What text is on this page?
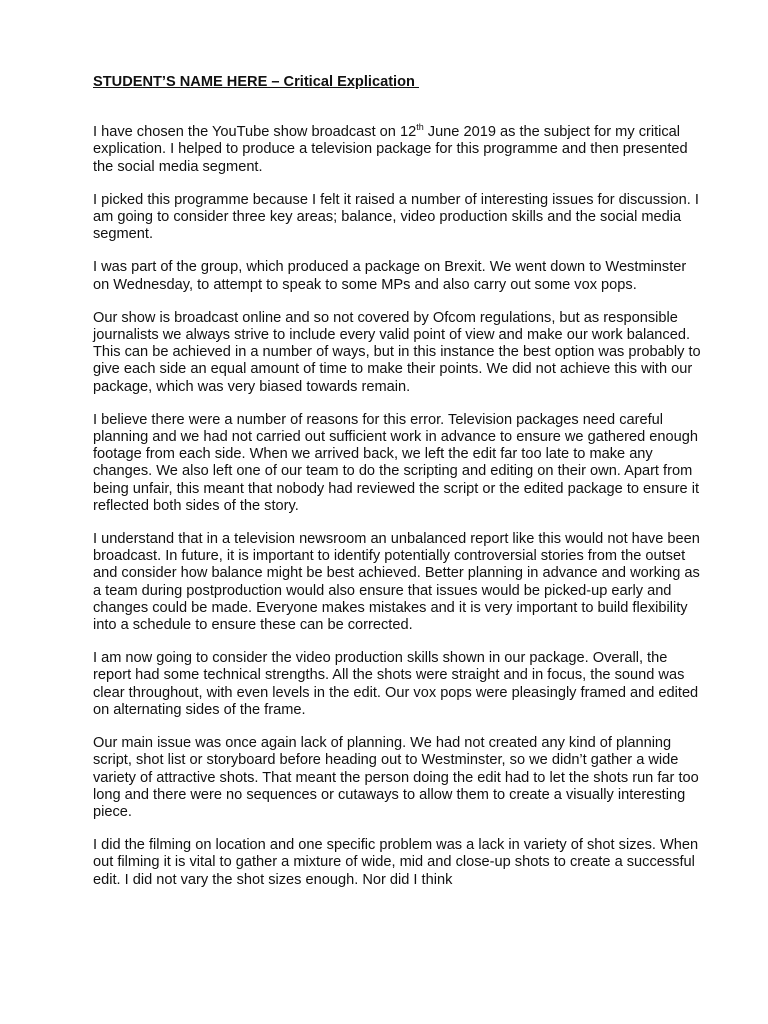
STUDENT’S NAME HERE – Critical Explication

I have chosen the YouTube show broadcast on 12th June 2019 as the subject for my critical explication. I helped to produce a television package for this programme and then presented the social media segment.

I picked this programme because I felt it raised a number of interesting issues for discussion. I am going to consider three key areas; balance, video production skills and the social media segment.

I was part of the group, which produced a package on Brexit. We went down to Westminster on Wednesday, to attempt to speak to some MPs and also carry out some vox pops.

Our show is broadcast online and so not covered by Ofcom regulations, but as responsible journalists we always strive to include every valid point of view and make our work balanced. This can be achieved in a number of ways, but in this instance the best option was probably to give each side an equal amount of time to make their points. We did not achieve this with our package, which was very biased towards remain.

I believe there were a number of reasons for this error. Television packages need careful planning and we had not carried out sufficient work in advance to ensure we gathered enough footage from each side. When we arrived back, we left the edit far too late to make any changes. We also left one of our team to do the scripting and editing on their own. Apart from being unfair, this meant that nobody had reviewed the script or the edited package to ensure it reflected both sides of the story.

I understand that in a television newsroom an unbalanced report like this would not have been broadcast. In future, it is important to identify potentially controversial stories from the outset and consider how balance might be best achieved. Better planning in advance and working as a team during postproduction would also ensure that issues would be picked-up early and changes could be made. Everyone makes mistakes and it is very important to build flexibility into a schedule to ensure these can be corrected.

I am now going to consider the video production skills shown in our package. Overall, the report had some technical strengths. All the shots were straight and in focus, the sound was clear throughout, with even levels in the edit. Our vox pops were pleasingly framed and edited on alternating sides of the frame.

Our main issue was once again lack of planning. We had not created any kind of planning script, shot list or storyboard before heading out to Westminster, so we didn’t gather a wide variety of attractive shots. That meant the person doing the edit had to let the shots run far too long and there were no sequences or cutaways to allow them to create a visually interesting piece.

I did the filming on location and one specific problem was a lack in variety of shot sizes. When out filming it is vital to gather a mixture of wide, mid and close-up shots to create a successful edit. I did not vary the shot sizes enough. Nor did I think
